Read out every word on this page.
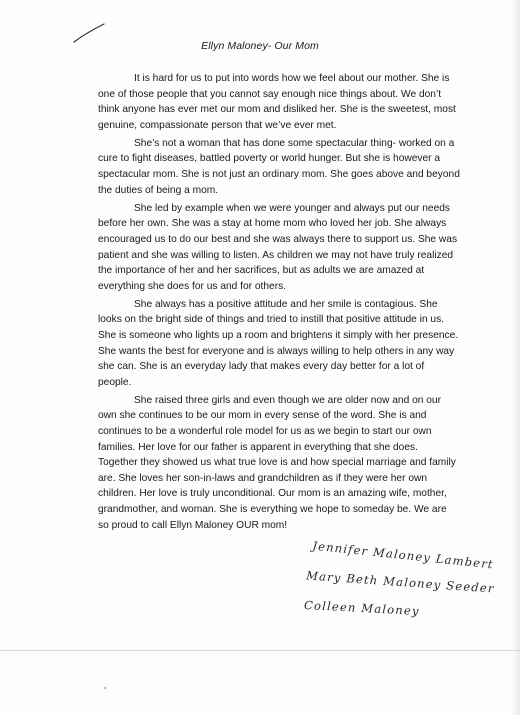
Ellyn Maloney- Our Mom

It is hard for us to put into words how we feel about our mother. She is one of those people that you cannot say enough nice things about. We don’t think anyone has ever met our mom and disliked her. She is the sweetest, most genuine, compassionate person that we’ve ever met.

She’s not a woman that has done some spectacular thing- worked on a cure to fight diseases, battled poverty or world hunger. But she is however a spectacular mom. She is not just an ordinary mom. She goes above and beyond the duties of being a mom.

She led by example when we were younger and always put our needs before her own. She was a stay at home mom who loved her job. She always encouraged us to do our best and she was always there to support us. She was patient and she was willing to listen. As children we may not have truly realized the importance of her and her sacrifices, but as adults we are amazed at everything she does for us and for others.

She always has a positive attitude and her smile is contagious. She looks on the bright side of things and tried to instill that positive attitude in us. She is someone who lights up a room and brightens it simply with her presence. She wants the best for everyone and is always willing to help others in any way she can. She is an everyday lady that makes every day better for a lot of people.

She raised three girls and even though we are older now and on our own she continues to be our mom in every sense of the word. She is and continues to be a wonderful role model for us as we begin to start our own families. Her love for our father is apparent in everything that she does. Together they showed us what true love is and how special marriage and family are. She loves her son-in-laws and grandchildren as if they were her own children. Her love is truly unconditional. Our mom is an amazing wife, mother, grandmother, and woman. She is everything we hope to someday be. We are so proud to call Ellyn Maloney OUR mom!

Jennifer Maloney Lambert
Mary Beth Maloney Seeder
Colleen Maloney
